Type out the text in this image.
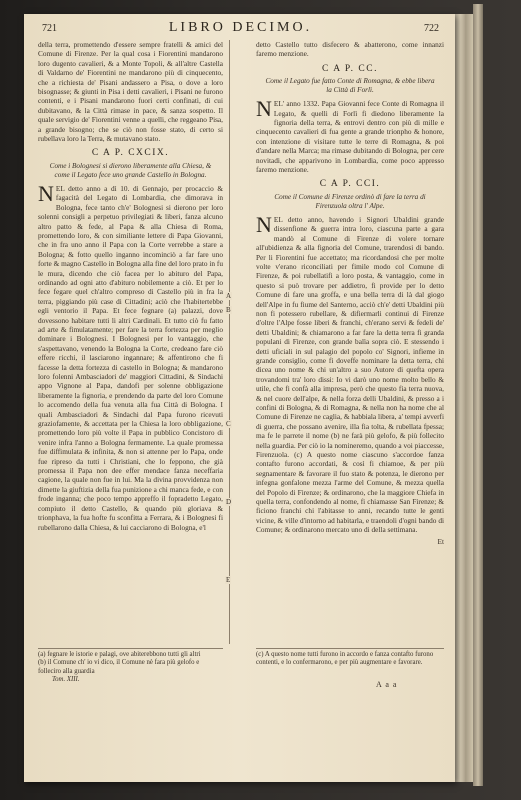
721	LIBRO DECIMO.	722

della terra, promettendo d'essere sempre fratelli & amici del Comune di Firenze. Per la qual cosa i Fiorentini mandarono loro dugento cavalieri, & a Monte Topoli, & all'altre Castella di Valdarno de' Fiorentini ne mandarono più di cinquecento, che a richiesta de' Pisani andassero a Pisa, o dove a loro bisognasse; & giunti in Pisa i detti cavalieri, i Pisani ne furono contenti, e i Pisani mandarono fuori certi confinati, di cui dubitavano, & la Città rimase in pace, & sanza sospetto. Il quale servigio de' Fiorentini venne a quelli, che reggeano Pisa, a grande bisogno; che se ciò non fosse stato, di certo si rubellava loro la Terra, & mutavano stato.

C A P. CXCIX.
Come i Bolognesi si dierono liberamente alla Chiesa, & come il Legato fece uno grande Castello in Bologna.

NEL detto anno a dì 10. di Gennajo, per procaccio & fagacità del Legato di Lombardia, che dimorava in Bologna, fece tanto ch'e' Bolognesi si dierono per loro solenni consigli a perpetuo privilegiati & liberi, fanza alcuno altro patto & fede, al Papa & alla Chiesa di Roma, promettendo loro, & con similiante lettere di Papa Giovanni, che in fra uno anno il Papa con la Corte verrebbe a stare a Bologna; & fotto quello inganno incominciò a far fare uno forte & magno Castello in Bologna alla fine del loro prato in fu le mura, dicendo che ciò facea per lo abituro del Papa, ordinando ad ogni atto d'abituro nobilemente a ciò. Et per lo fece fegare quel ch'altro compreso di Castello più in fra la terra, piggiando più case di Cittadini; aciò che l'habitertebbe egli ventorio il Papa. Et fece fegnare (a) palazzi, dove dovessono habitare tutti li altri Cardinali. Et tutto ciò fu fatto ad arte & fimulatamente; per fare la terra fortezza per meglio dominare i Bolognesi. I Bolognesi per lo vantaggio, che s'aspettavano, venendo la Bologna la Corte, credeano fare ciò effere ricchi, il lasciarono ingannare; & affentirono che fi facesse la detta fortezza di castello in Bologna; & mandarono loro folenni Ambasciadori de' maggiori Cittadini, & Sindachi appo Vignone al Papa, dandofi per solenne obbligazione liberamente la fignoria, e prendendo da parte del loro Comune lo accomendo della fua venuta alla fua Città di Bologna. I quali Ambasciadori & Sindachi dal Papa furono ricevuti graziofamente, & accettata per la Chiesa la loro obbligazione, promettendo loro più volte il Papa in pubblico Concistoro di venire infra l'anno a Bologna fermamente. La quale promessa fue diffimulata & infinita, & non si attenne per lo Papa, onde fue ripreso da tutti i Christiani, che lo feppono, che già promessa il Papa non dee effer mendace fanza neceffaria cagione, la quale non fue in lui. Ma la divina provvidenza non dimette la giuftizia della fua punizione a chi manca fede, e con frode inganna; che poco tempo appreffo il fopradetto Legato, compiuto il detto Castello, & quando più gloriava & trionphava, la fua hofte fu sconfitta a Ferrara, & i Bolognesi fi rubellarono dalla Chiesa, & lui cacciarono di Bologna, e'l

A
B
C
D
E

detto Castello tutto disfecero & abatterono, come innanzi faremo menzione.

C A P. CC.
Come il Legato fue fatto Conte di Romagna, & ebbe libera la Città di Forlì.

NEL' anno 1332. Papa Giovanni fece Conte di Romagna il Legato, & quelli di Forlì fi diedono liberamente la fignoria della terra, & entrovi dentro con più di mille e cinquecento cavalieri di fua gente a grande trionpho & honore, con intenzione di visitare tutte le terre di Romagna, & poi d'andare nella Marca; ma rimase dubitando di Bologna, per cere novitadi, che apparivono in Lombardia, come poco appresso faremo menzione.

C A P. CCI.
Come il Comune di Firenze ordinò di fare la terra di Firenzuola oltra l' Alpe.

NEL detto anno, havendo i Signori Ubaldini grande dissenfione & guerra intra loro, ciascuna parte a gara mandò al Comune di Firenze di volere tornare all'ubidienza & alla fignoria del Comune, trarendosi di bando. Per li Fiorentini fue accettato; ma ricordandosi che per molte volte v'erano riconciliati per fimile modo col Comune di Firenze, & poi rubellatifi a loro posta, & vantaggio, come in questo si può trovare per addietro, fi provide per lo detto Comune di fare una groffa, e una bella terra di là dal giogo dell'Alpe in fu fiume del Santerno, acciò ch'e' detti Ubaldini più non fi potessero rubellare, & difiermarli continui di Firenze d'oltre l'Alpe fosse liberi & franchi, ch'erano servi & fedeli de' detti Ubaldini; & chiamarono a far fare la detta terra fi granda populani di Firenze, con grande balìa sopra ciò. E stessendo i detti uficiali in sul palagio del popolo co' Signori, infieme in grande consiglio, come fi doveffe nominare la detta terra, chi dicea uno nome & chi un'altro a suo Autore di quefta opera trovandomi tra' loro dissi: Io vi darò uno nome molto bello & utile, che fi confà alla impresa, però che questo fia terra nuova, & nel cuore dell'alpe, & nella forza delli Ubaldini, & presso a i confini di Bologna, & di Romagna, & nella non ha nome che al Comune di Firenze ne caglia, & habbiala libera, a' tempi avverfi di guerra, che possano avenire, illa fia tolta, & rubellata fpessa; ma fe le parrete il nome (b) ne farà più gelofo, & più follecito nella guardia. Per ciò io la nomineremo, quando a voi piaccesse, Firenzuola. (c) A questo nome ciascuno s'accordoe fanza contafto furono accordati, & così fi chiamoe, & per più segnamentare & favorare il fuo stato & potenza, le dierono per infegna gonfalone mezza l'arme del Comune, & mezza quella del Popolo di Firenze; & ordinarono, che la maggiore Chiefa in quella terra, confondendo al nome, fi chiamasse San Firenze; & ficiono franchi chi l'abitasse to anni, recando tutte le genti vicine, & ville d'intorno ad habitarla, e traendoli d'ogni bando di Comune; & ordinarono mercato uno di della settimana.

Et
(a) fegnare le istorie e palagi, ove abiterebbono tutti gli altri
(b) il Comune ch' io vi dico, il Comune nè fara più gelofo e folleciro alla guardia
Tom. XIII.
(c) A questo nome tutti furono in accordo e fanza contafto furono contenti, e lo confermarono, e per più augmentare e favorare.
A a a
